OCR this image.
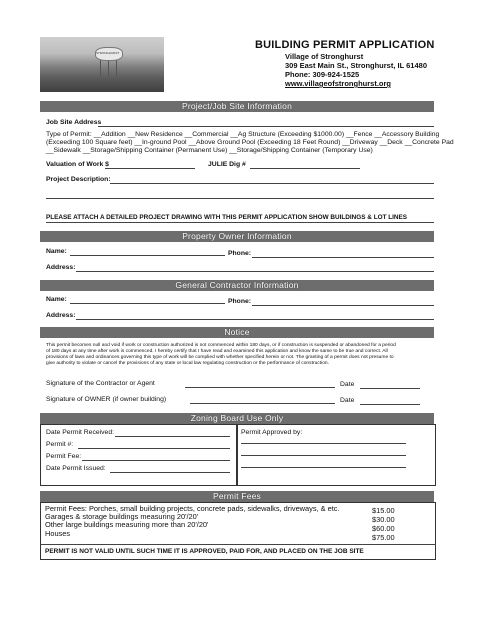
STRONGHURST
BUILDING PERMIT APPLICATION
Village of Stronghurst
309 East Main St., Stronghurst, IL 61480
Phone: 309-924-1525
www.villageofstronghurst.org
Project/Job Site Information
Job Site Address
Type of Permit: __Addition __New Residence __Commercial __Ag Structure (Exceeding $1000.00) __Fence __Accessory Building
(Exceeding 100 Square feet) __In-ground Pool __Above Ground Pool (Exceeding 18 Feet Round) __Driveway __Deck __Concrete Pad
__Sidewalk __Storage/Shipping Container (Permanent Use) __Storage/Shipping Container (Temporary Use)
Valuation of Work $	JULIE Dig #
Project Description:
PLEASE ATTACH A DETAILED PROJECT DRAWING WITH THIS PERMIT APPLICATION SHOW BUILDINGS & LOT LINES
Property Owner Information
Name:	Phone:
Address:
General Contractor Information
Name:	Phone:
Address:
Notice
This permit becomes null and void if work or construction authorized is not commenced within 180 days, or if construction is suspended or abandoned for a period
of 180 days at any time after work is commenced. I hereby certify that I have read and examined this application and know the same to be true and correct. All
provisions of laws and ordinances governing this type of work will be complied with whether specified herein or not. The granting of a permit does not presume to
give authority to violate or cancel the provisions of any state or local law regulating construction or the performance of construction.
Signature of the Contractor or Agent	Date
Signature of OWNER (if owner building)	Date
Zoning Board Use Only
Date Permit Received:
Permit #:
Permit Fee:
Date Permit Issued:
Permit Approved by:
Permit Fees
Permit Fees: Porches, small building projects, concrete pads, sidewalks, driveways, & etc.	$15.00
Garages & storage buildings measuring 20'/20'	$30.00
Other large buildings measuring more than 20'/20'	$60.00
Houses	$75.00
PERMIT IS NOT VALID UNTIL SUCH TIME IT IS APPROVED, PAID FOR, AND PLACED ON THE JOB SITE
